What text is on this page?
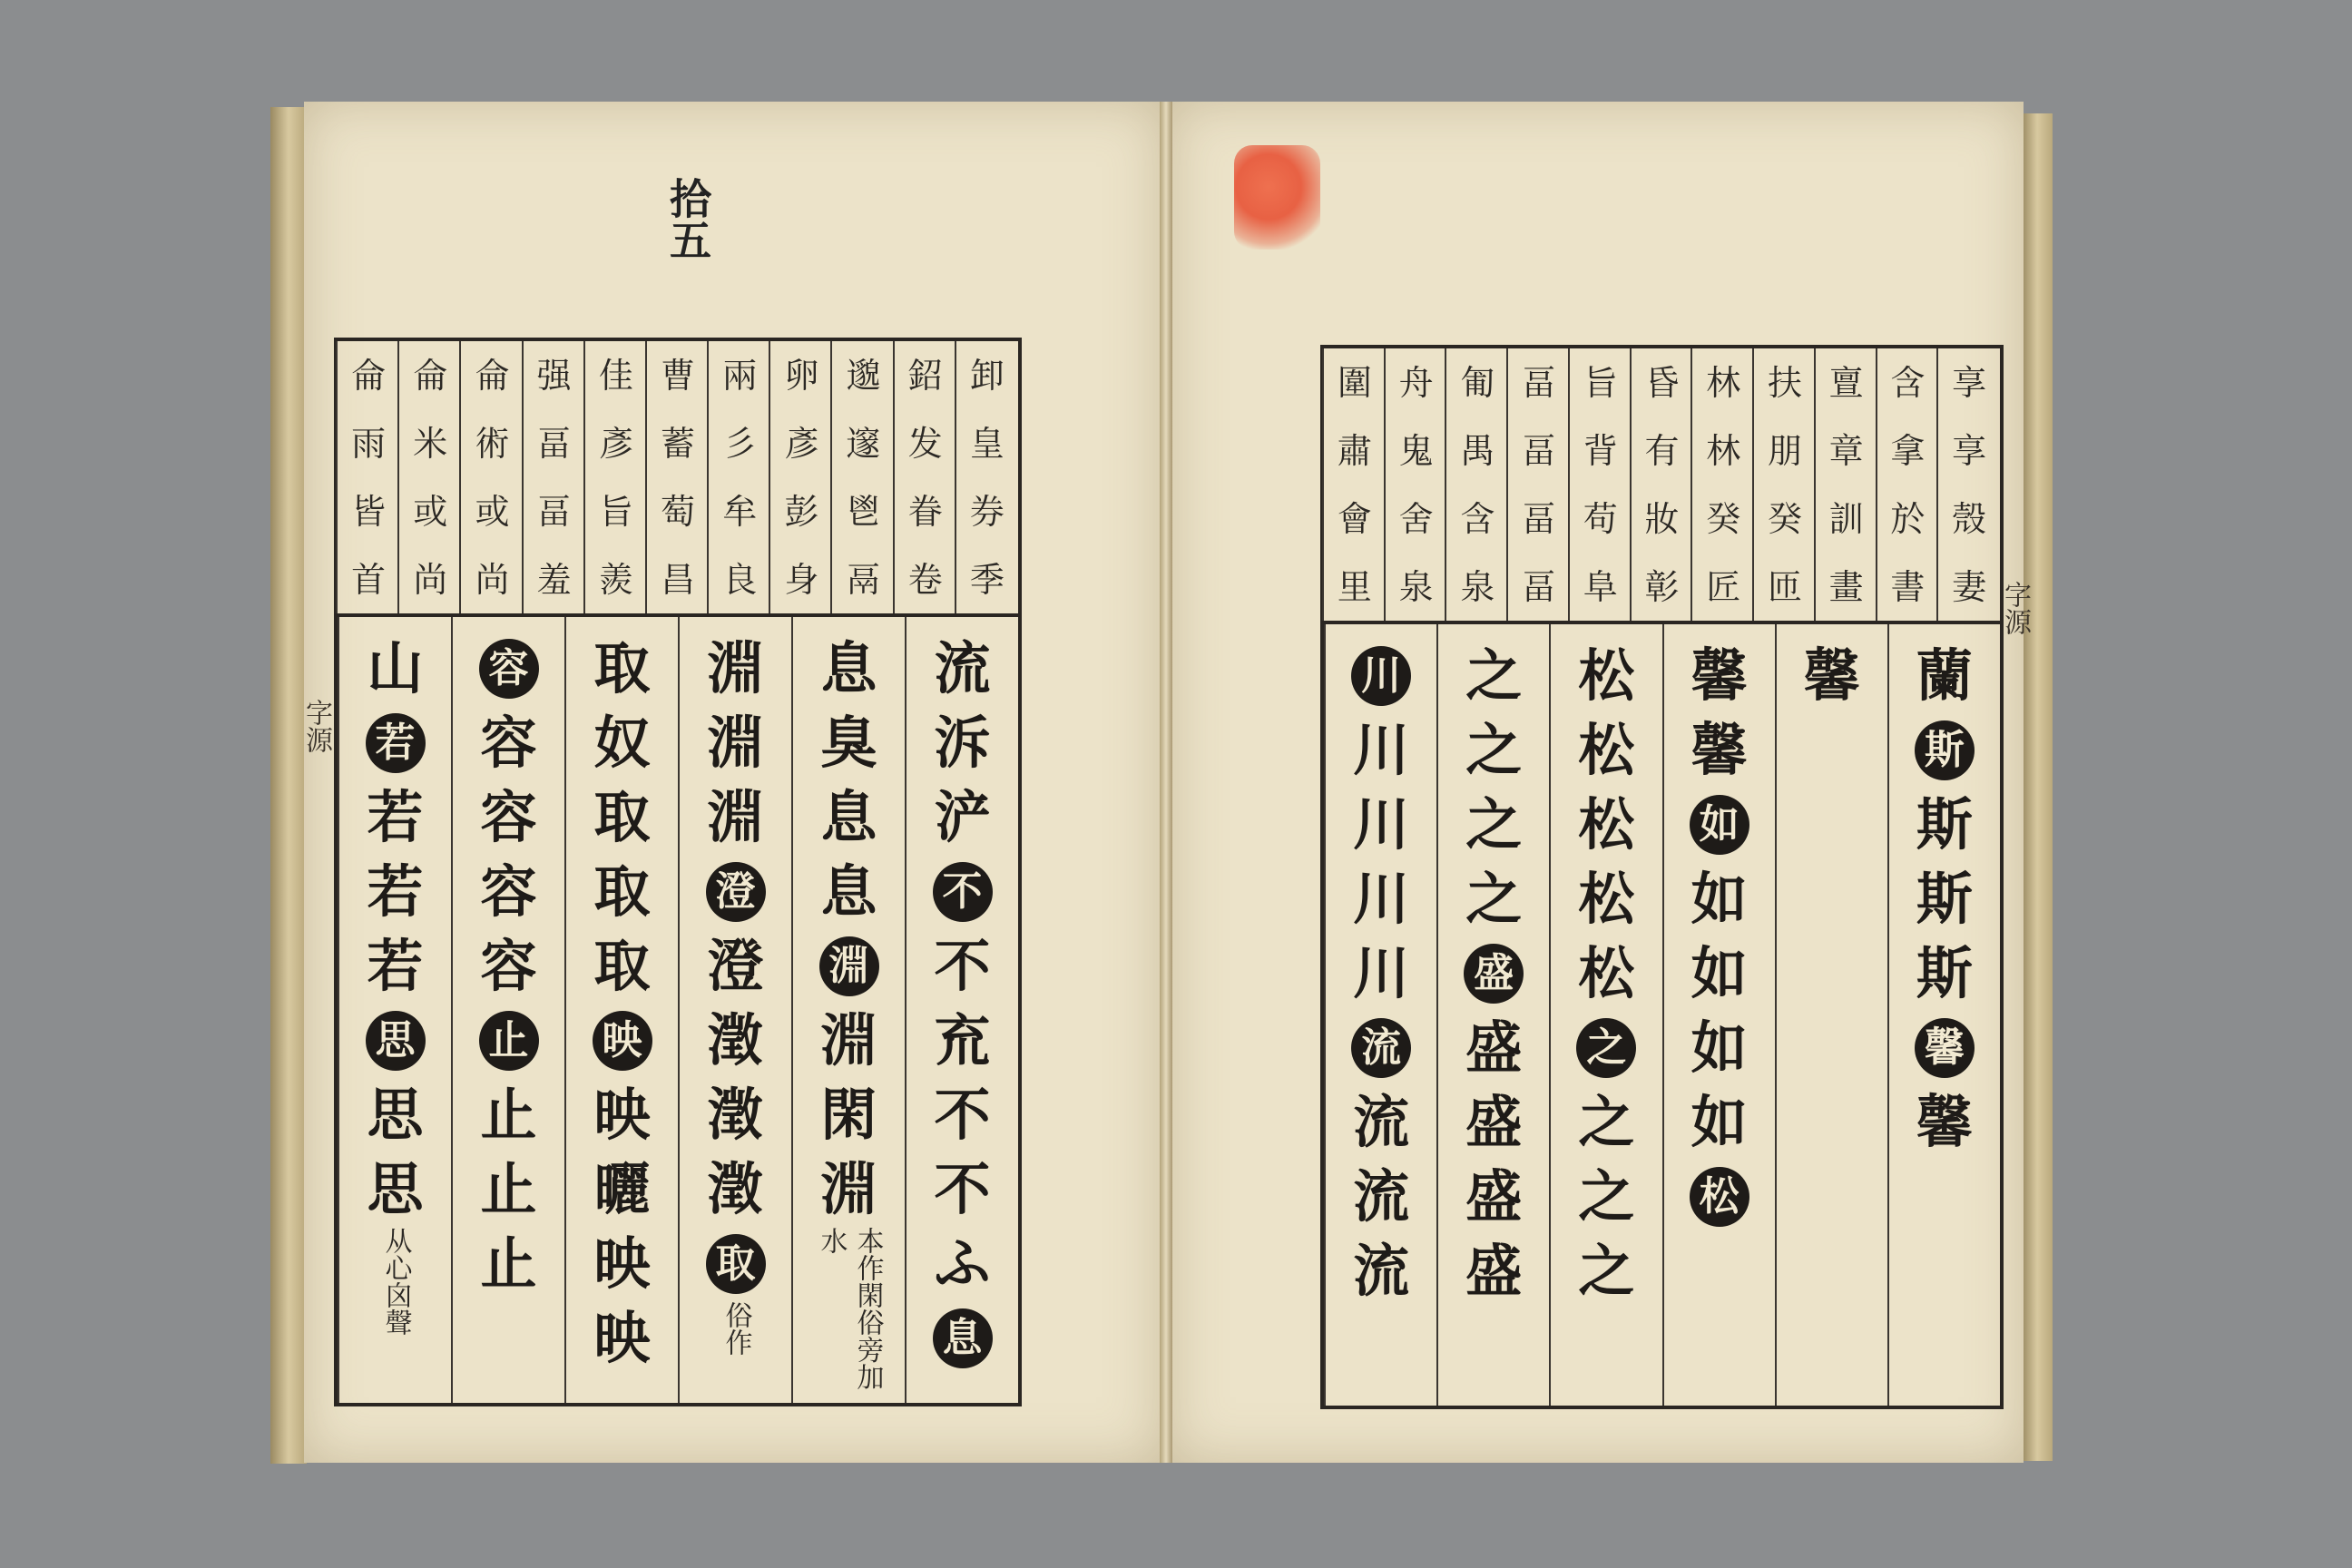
拾五
字源
字源
卸
皇
券
季
鉊
发
眷
卷
邈
邃
鬯
鬲
卵
彥
彭
身
兩
彡
牟
良
曹
蓄
萄
昌
佳
彥
旨
羨
强
畐
畐
羞
侖
術
或
尚
侖
米
或
尚
侖
雨
皆
首
流
泝
浐
不
不
㐬
不
不
ふ
息
息
臭
息
息
淵
淵
閑
淵
本作閑俗旁加水
淵
淵
淵
澄
澄
澂
澂
澂
取
俗作
取
奴
取
取
取
映
映
曬
映
映
容
容
容
容
容
止
止
止
止
山
若
若
若
若
思
思
思
从心囟聲
享
享
殼
妻
含
拿
於
書
亶
章
訓
畫
扶
朋
癸
匝
林
林
癸
匠
昏
有
妝
彰
旨
背
苟
阜
畐
畐
畐
畐
匍
禺
含
泉
舟
鬼
舍
泉
圍
肅
會
里
蘭
斯
斯
斯
斯
馨
馨
馨
馨
馨
如
如
如
如
如
松
松
松
松
松
松
之
之
之
之
之
之
之
之
盛
盛
盛
盛
盛
川
川
川
川
川
流
流
流
流
